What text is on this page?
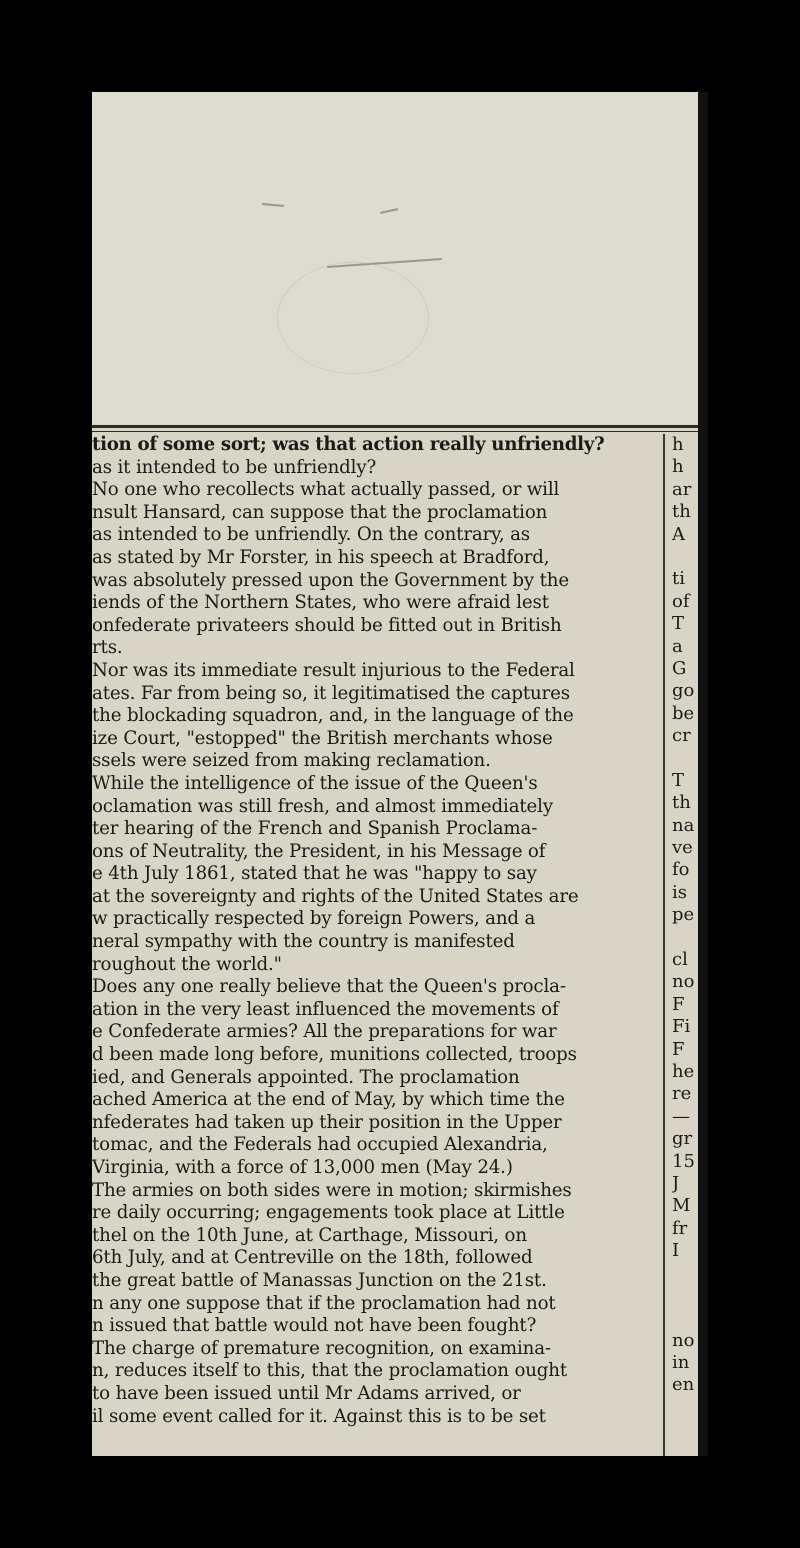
tion of some sort; was that action really unfriendly?
as it intended to be unfriendly?
No one who recollects what actually passed, or will
nsult Hansard, can suppose that the proclamation
as intended to be unfriendly. On the contrary, as
as stated by Mr Forster, in his speech at Bradford,
was absolutely pressed upon the Government by the
iends of the Northern States, who were afraid lest
onfederate privateers should be fitted out in British
rts.
Nor was its immediate result injurious to the Federal
ates. Far from being so, it legitimatised the captures
the blockading squadron, and, in the language of the
ize Court, "estopped" the British merchants whose
ssels were seized from making reclamation.
While the intelligence of the issue of the Queen's
oclamation was still fresh, and almost immediately
ter hearing of the French and Spanish Proclama-
ons of Neutrality, the President, in his Message of
e 4th July 1861, stated that he was "happy to say
at the sovereignty and rights of the United States are
w practically respected by foreign Powers, and a
neral sympathy with the country is manifested
roughout the world."
Does any one really believe that the Queen's procla-
ation in the very least influenced the movements of
e Confederate armies? All the preparations for war
d been made long before, munitions collected, troops
ied, and Generals appointed. The proclamation
ached America at the end of May, by which time the
nfederates had taken up their position in the Upper
tomac, and the Federals had occupied Alexandria,
Virginia, with a force of 13,000 men (May 24.)
The armies on both sides were in motion; skirmishes
re daily occurring; engagements took place at Little
thel on the 10th June, at Carthage, Missouri, on
6th July, and at Centreville on the 18th, followed
the great battle of Manassas Junction on the 21st.
n any one suppose that if the proclamation had not
n issued that battle would not have been fought?
The charge of premature recognition, on examina-
n, reduces itself to this, that the proclamation ought
to have been issued until Mr Adams arrived, or
il some event called for it. Against this is to be set
h
h
ar
th
A
ti
of
T
a
G
go
be
cr
T
th
na
ve
fo
is
pe
cl
no
F
Fi
F
he
re
—
gr
15
J
M
fr
I
no
in
en
